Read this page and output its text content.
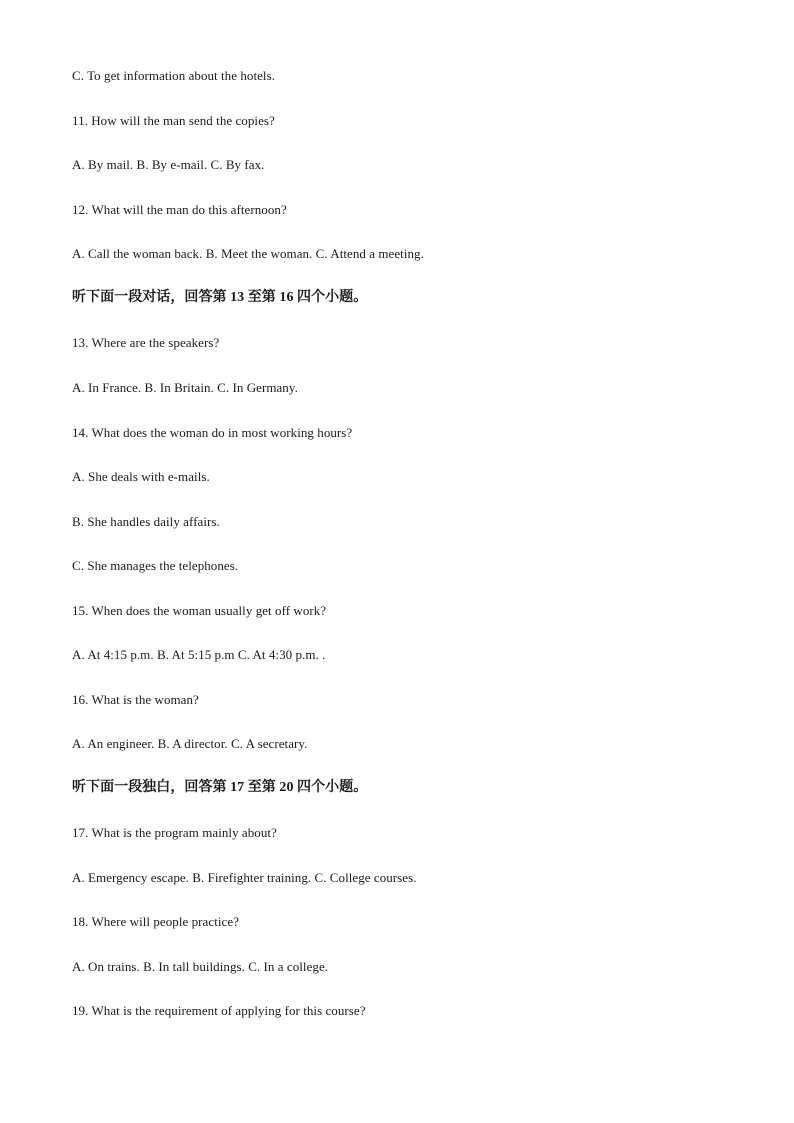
C. To get information about the hotels.
11. How will the man send the copies?
A. By mail. B. By e-mail. C. By fax.
12. What will the man do this afternoon?
A. Call the woman back. B. Meet the woman. C. Attend a meeting.
听下面一段对话，回答第 13 至第 16 四个小题。
13. Where are the speakers?
A. In France. B. In Britain. C. In Germany.
14. What does the woman do in most working hours?
A. She deals with e-mails.
B. She handles daily affairs.
C. She manages the telephones.
15. When does the woman usually get off work?
A. At 4:15 p.m. B. At 5:15 p.m C. At 4:30 p.m. .
16. What is the woman?
A. An engineer. B. A director. C. A secretary.
听下面一段独白，回答第 17 至第 20 四个小题。
17. What is the program mainly about?
A. Emergency escape. B. Firefighter training. C. College courses.
18. Where will people practice?
A. On trains. B. In tall buildings. C. In a college.
19. What is the requirement of applying for this course?
